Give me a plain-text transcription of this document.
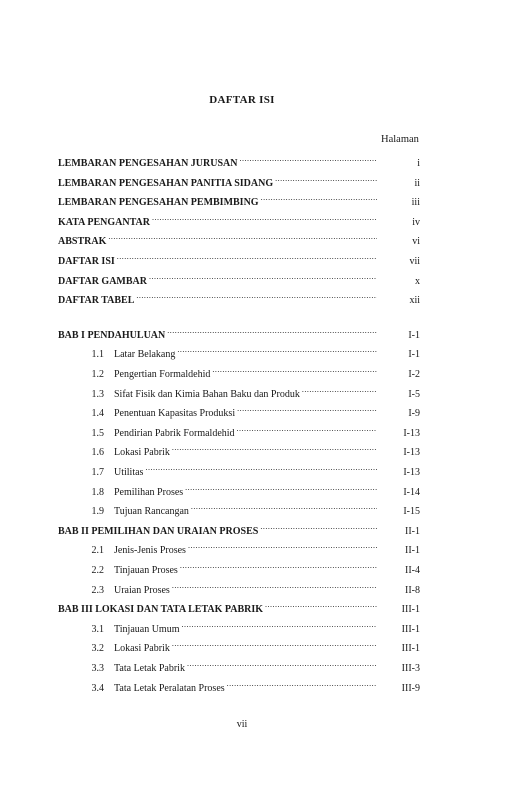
DAFTAR ISI
Halaman
LEMBARAN PENGESAHAN JURUSAN .....	i
LEMBARAN PENGESAHAN PANITIA SIDANG .....	ii
LEMBARAN PENGESAHAN PEMBIMBING .....	iii
KATA PENGANTAR .....	iv
ABSTRAK .....	vi
DAFTAR ISI .....	vii
DAFTAR GAMBAR .....	x
DAFTAR TABEL .....	xii
BAB I PENDAHULUAN .....	I-1
1.1	Latar Belakang .....	I-1
1.2	Pengertian Formaldehid .....	I-2
1.3	Sifat Fisik dan Kimia Bahan Baku dan Produk .....	I-5
1.4	Penentuan Kapasitas Produksi .....	I-9
1.5	Pendirian Pabrik Formaldehid .....	I-13
1.6	Lokasi Pabrik .....	I-13
1.7	Utilitas .....	I-13
1.8	Pemilihan Proses .....	I-14
1.9	Tujuan Rancangan .....	I-15
BAB II PEMILIHAN DAN URAIAN PROSES .....	II-1
2.1	Jenis-Jenis Proses .....	II-1
2.2	Tinjauan Proses .....	II-4
2.3	Uraian Proses .....	II-8
BAB III LOKASI DAN TATA LETAK PABRIK .....	III-1
3.1	Tinjauan Umum .....	III-1
3.2	Lokasi Pabrik .....	III-1
3.3	Tata Letak Pabrik .....	III-3
3.4	Tata Letak Peralatan Proses .....	III-9
vii
